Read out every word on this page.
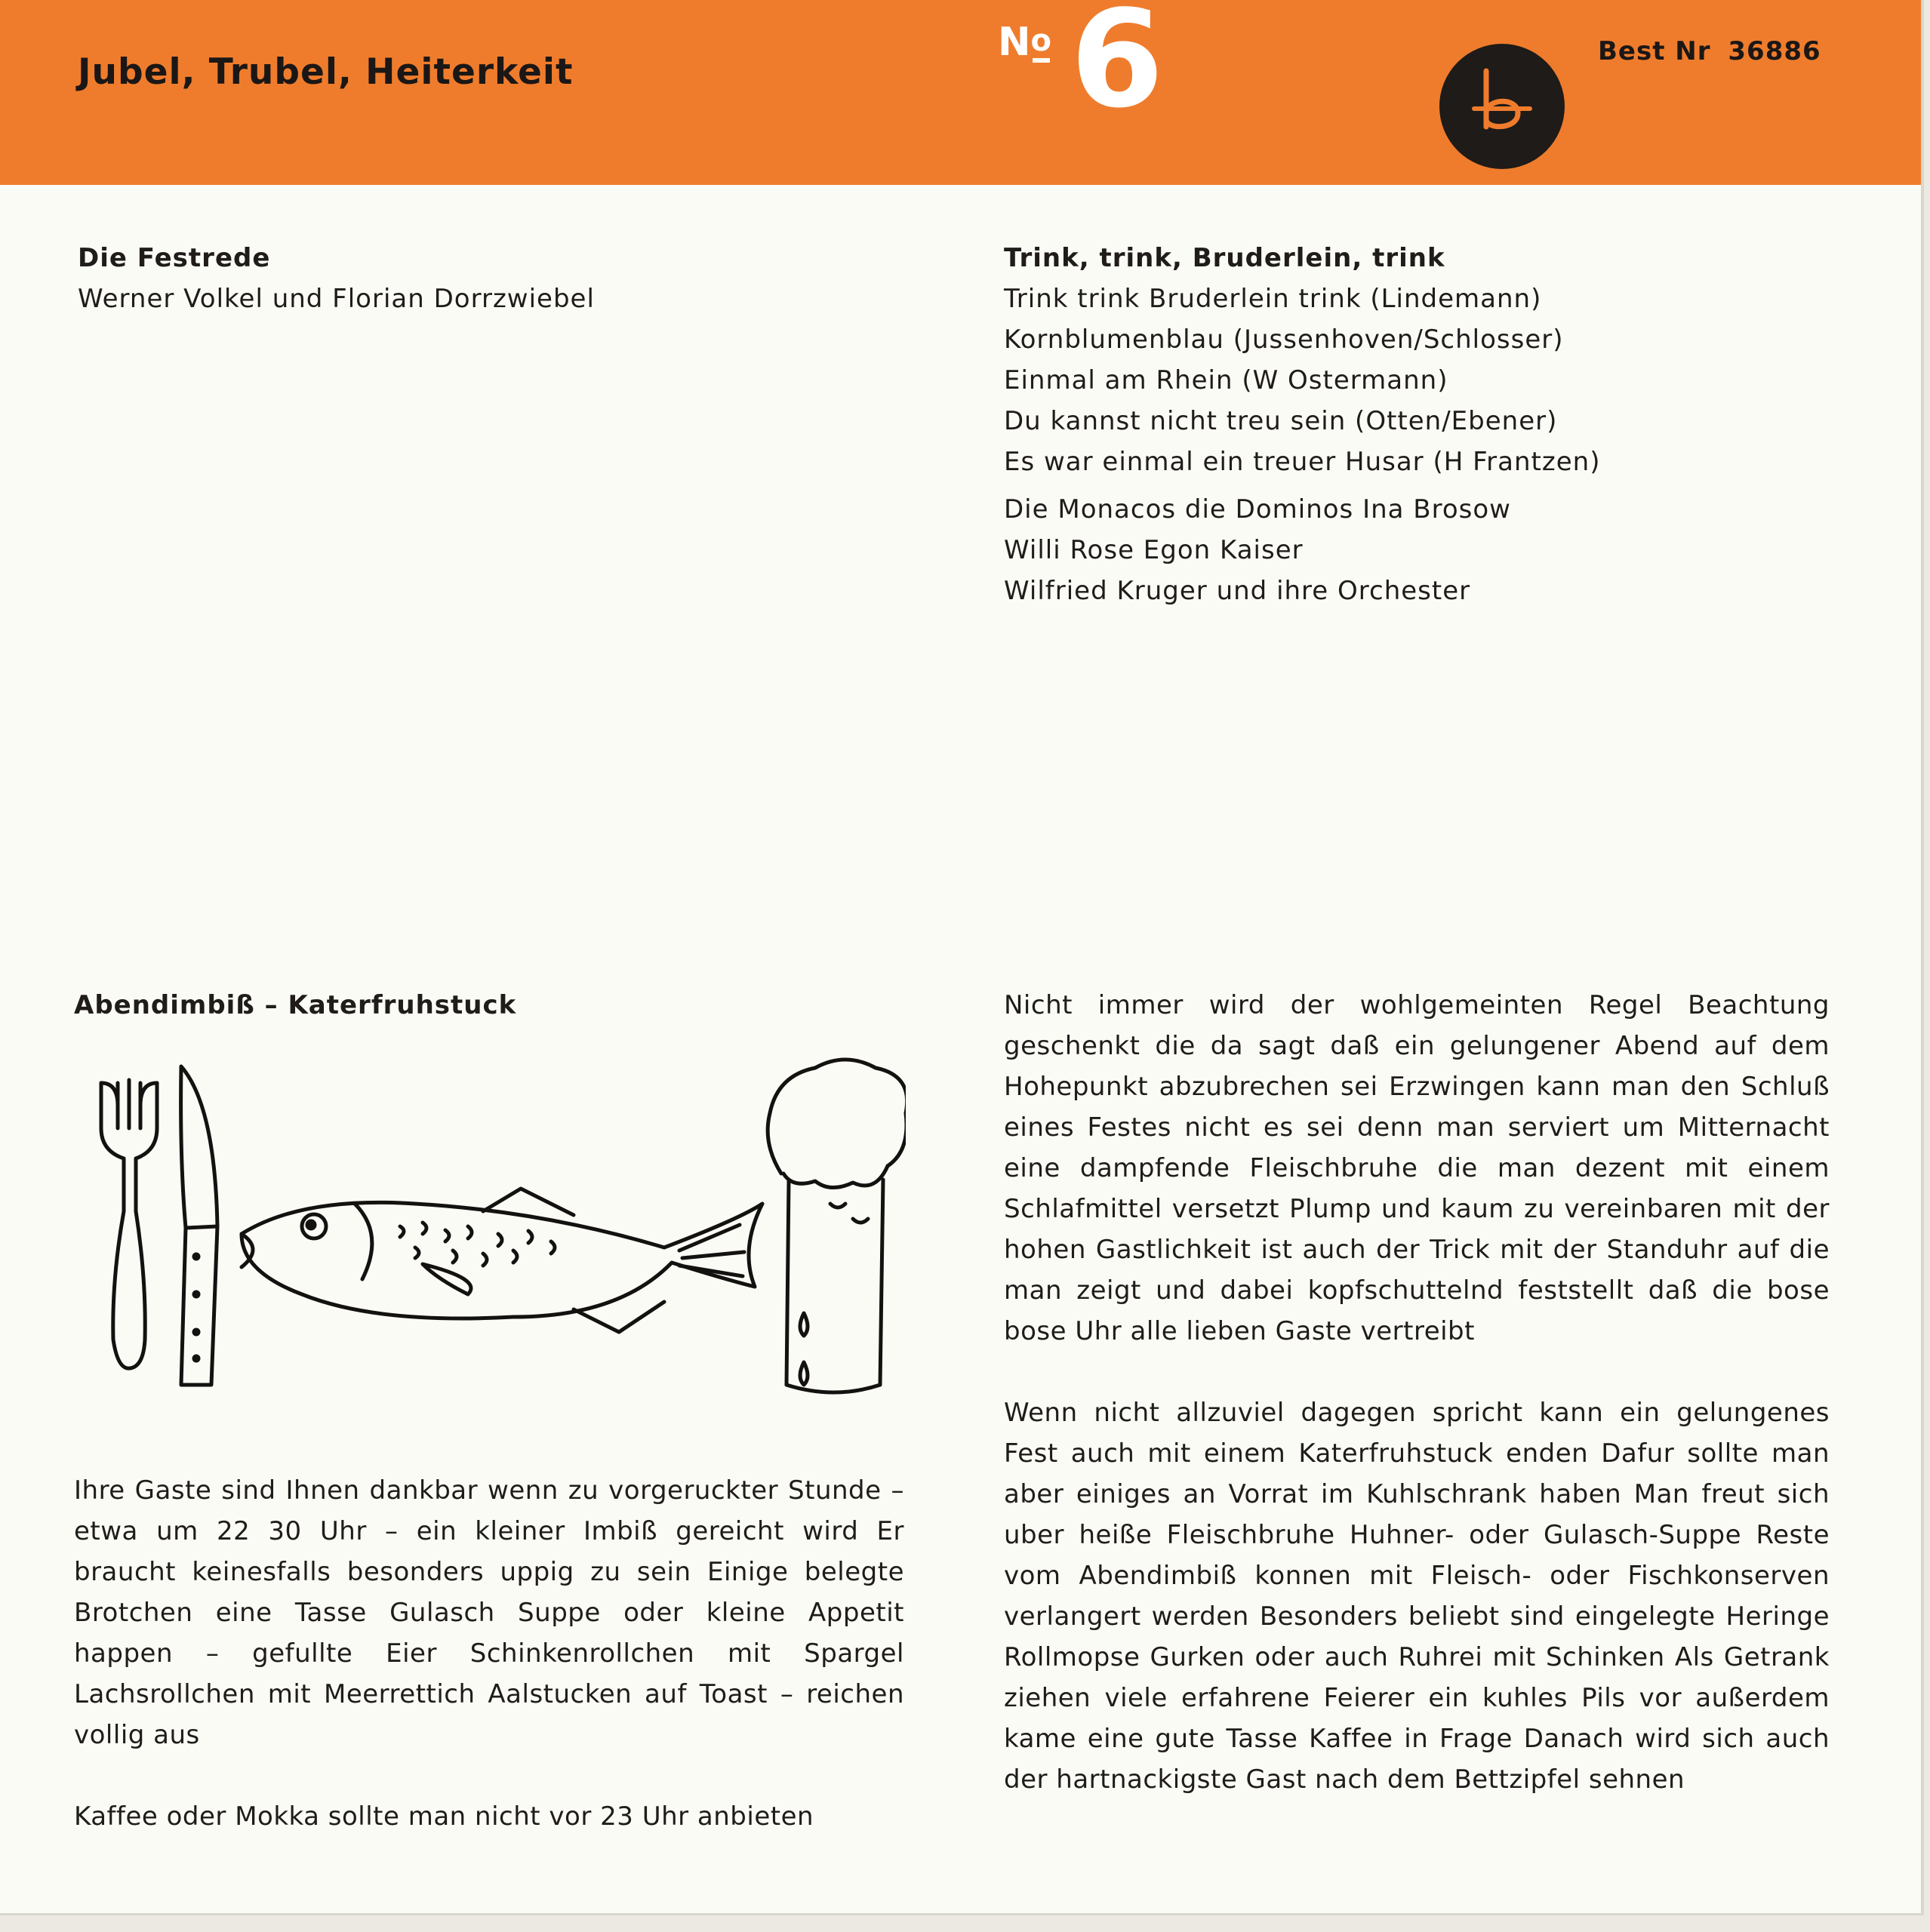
Jubel, Trubel, Heiterkeit
No 6	Best Nr 36886
Die Festrede
Werner Volkel und Florian Dorrzwiebel
Trink, trink, Bruderlein, trink
Trink trink Bruderlein trink (Lindemann)
Kornblumenblau (Jussenhoven/Schlosser)
Einmal am Rhein (W Ostermann)
Du kannst nicht treu sein (Otten/Ebener)
Es war einmal ein treuer Husar (H Frantzen)
Die Monacos die Dominos Ina Brosow
Willi Rose Egon Kaiser
Wilfried Kruger und ihre Orchester
Abendimbiß – Katerfruhstuck

Ihre Gaste sind Ihnen dankbar wenn zu vorgeruckter Stunde – etwa um 22 30 Uhr – ein kleiner Imbiß gereicht wird Er braucht keinesfalls besonders uppig zu sein Einige belegte Brotchen eine Tasse Gulasch Suppe oder kleine Appetit happen – gefullte Eier Schinkenrollchen mit Spargel Lachsrollchen mit Meerrettich Aalstucken auf Toast – reichen vollig aus

Kaffee oder Mokka sollte man nicht vor 23 Uhr anbieten

Nicht immer wird der wohlgemeinten Regel Beachtung geschenkt die da sagt daß ein gelungener Abend auf dem Hohepunkt abzubrechen sei Erzwingen kann man den Schluß eines Festes nicht es sei denn man serviert um Mitternacht eine dampfende Fleischbruhe die man dezent mit einem Schlafmittel versetzt Plump und kaum zu vereinbaren mit der hohen Gastlichkeit ist auch der Trick mit der Standuhr auf die man zeigt und dabei kopfschuttelnd feststellt daß die bose bose Uhr alle lieben Gaste vertreibt

Wenn nicht allzuviel dagegen spricht kann ein gelungenes Fest auch mit einem Katerfruhstuck enden Dafur sollte man aber einiges an Vorrat im Kuhlschrank haben Man freut sich uber heiße Fleischbruhe Huhner- oder Gulasch-Suppe Reste vom Abendimbiß konnen mit Fleisch- oder Fischkonserven verlangert werden Besonders beliebt sind eingelegte Heringe Rollmopse Gurken oder auch Ruhrei mit Schinken Als Getrank ziehen viele erfahrene Feierer ein kuhles Pils vor außerdem kame eine gute Tasse Kaffee in Frage Danach wird sich auch der hartnackigste Gast nach dem Bettzipfel sehnen
